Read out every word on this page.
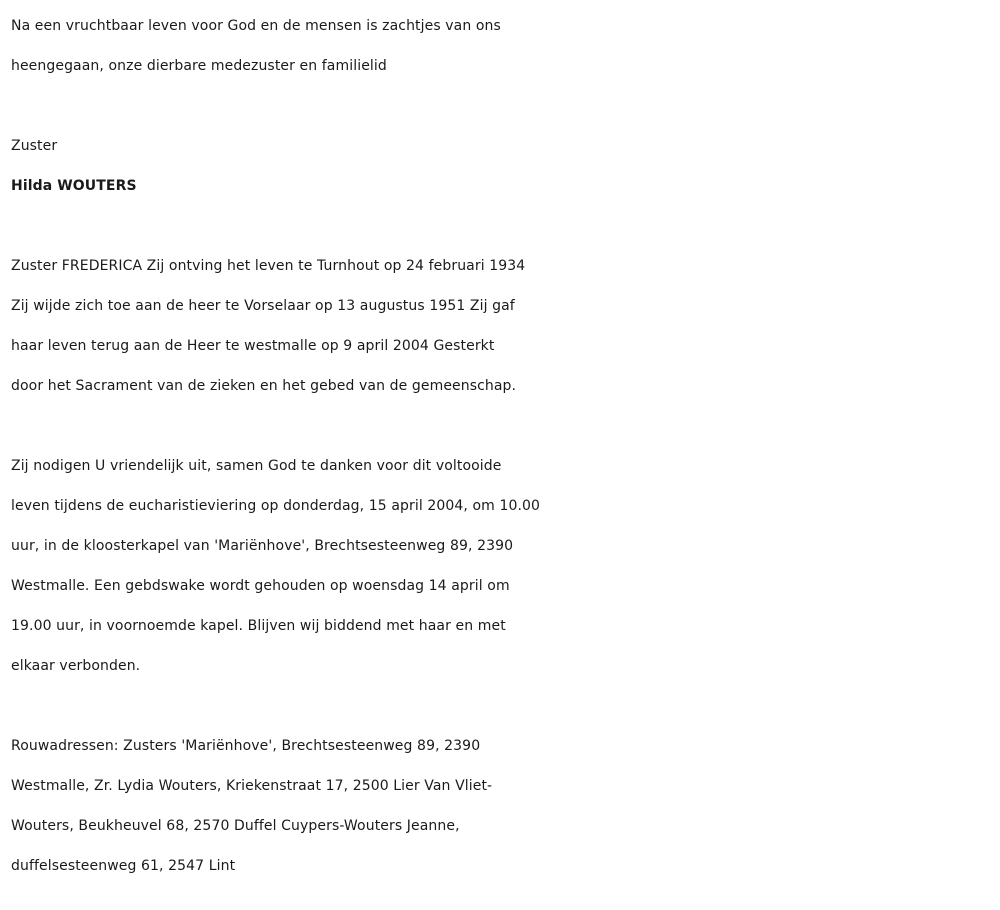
Na een vruchtbaar leven voor God en de mensen is zachtjes van ons
heengegaan, onze dierbare medezuster en familielid
Zuster
Hilda WOUTERS
Zuster FREDERICA Zij ontving het leven te Turnhout op 24 februari 1934
Zij wijde zich toe aan de heer te Vorselaar op 13 augustus 1951 Zij gaf
haar leven terug aan de Heer te westmalle op 9 april 2004 Gesterkt
door het Sacrament van de zieken en het gebed van de gemeenschap.
Zij nodigen U vriendelijk uit, samen God te danken voor dit voltooide
leven tijdens de eucharistieviering op donderdag, 15 april 2004, om 10.00
uur, in de kloosterkapel van 'Mariënhove', Brechtsesteenweg 89, 2390
Westmalle. Een gebdswake wordt gehouden op woensdag 14 april om
19.00 uur, in voornoemde kapel. Blijven wij biddend met haar en met
elkaar verbonden.
Rouwadressen: Zusters 'Mariënhove', Brechtsesteenweg 89, 2390
Westmalle, Zr. Lydia Wouters, Kriekenstraat 17, 2500 Lier Van Vliet-
Wouters, Beukheuvel 68, 2570 Duffel Cuypers-Wouters Jeanne,
duffelsesteenweg 61, 2547 Lint
